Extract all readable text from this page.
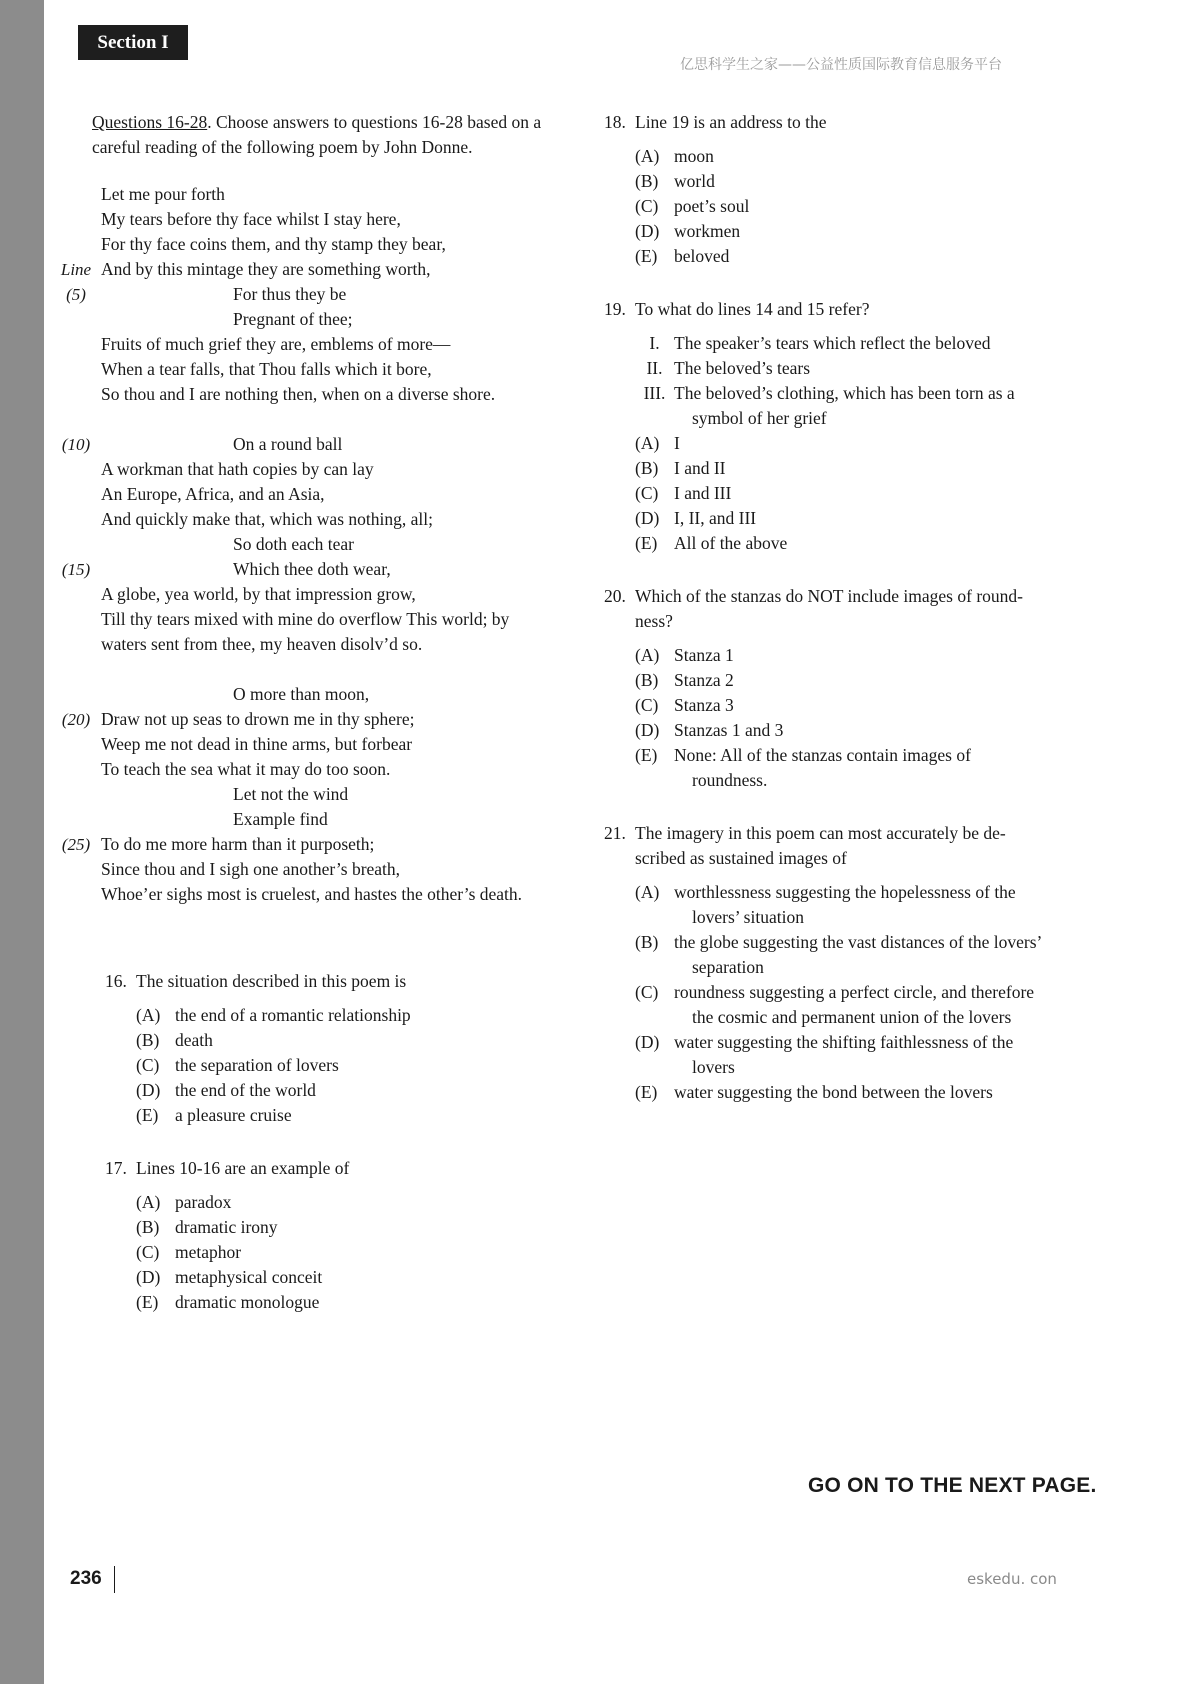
Section I
亿思科学生之家——公益性质国际教育信息服务平台
Questions 16-28. Choose answers to questions 16-28 based on a careful reading of the following poem by John Donne.
Let me pour forth
My tears before thy face whilst I stay here,
For thy face coins them, and thy stamp they bear,
Line And by this mintage they are something worth,
(5)	For thus they be
Pregnant of thee;
Fruits of much grief they are, emblems of more—
When a tear falls, that Thou falls which it bore,
So thou and I are nothing then, when on a diverse shore.
(10)	On a round ball
A workman that hath copies by can lay
An Europe, Africa, and an Asia,
And quickly make that, which was nothing, all;
So doth each tear
(15)	Which thee doth wear,
A globe, yea world, by that impression grow,
Till thy tears mixed with mine do overflow This world; by
waters sent from thee, my heaven disolv’d so.
O more than moon,
(20) Draw not up seas to drown me in thy sphere;
Weep me not dead in thine arms, but forbear
To teach the sea what it may do too soon.
Let not the wind
Example find
(25) To do me more harm than it purposeth;
Since thou and I sigh one another’s breath,
Whoe’er sighs most is cruelest, and hastes the other’s death.
16. The situation described in this poem is
(A) the end of a romantic relationship
(B) death
(C) the separation of lovers
(D) the end of the world
(E) a pleasure cruise
17. Lines 10-16 are an example of
(A) paradox
(B) dramatic irony
(C) metaphor
(D) metaphysical conceit
(E) dramatic monologue
18. Line 19 is an address to the
(A) moon
(B) world
(C) poet’s soul
(D) workmen
(E) beloved
19. To what do lines 14 and 15 refer?
I. The speaker’s tears which reflect the beloved
II. The beloved’s tears
III. The beloved’s clothing, which has been torn as a

symbol of her grief
(A) I
(B) I and II
(C) I and III
(D) I, II, and III
(E) All of the above
20. Which of the stanzas do NOT include images of round-
ness?
(A) Stanza 1
(B) Stanza 2
(C) Stanza 3
(D) Stanzas 1 and 3
(E) None: All of the stanzas contain images of

roundness.
21. The imagery in this poem can most accurately be de-
scribed as sustained images of
(A) worthlessness suggesting the hopelessness of the

lovers’ situation
(B) the globe suggesting the vast distances of the lovers’

separation
(C) roundness suggesting a perfect circle, and therefore

the cosmic and permanent union of the lovers
(D) water suggesting the shifting faithlessness of the

lovers
(E) water suggesting the bond between the lovers
GO ON TO THE NEXT PAGE.
236	eskedu. con
